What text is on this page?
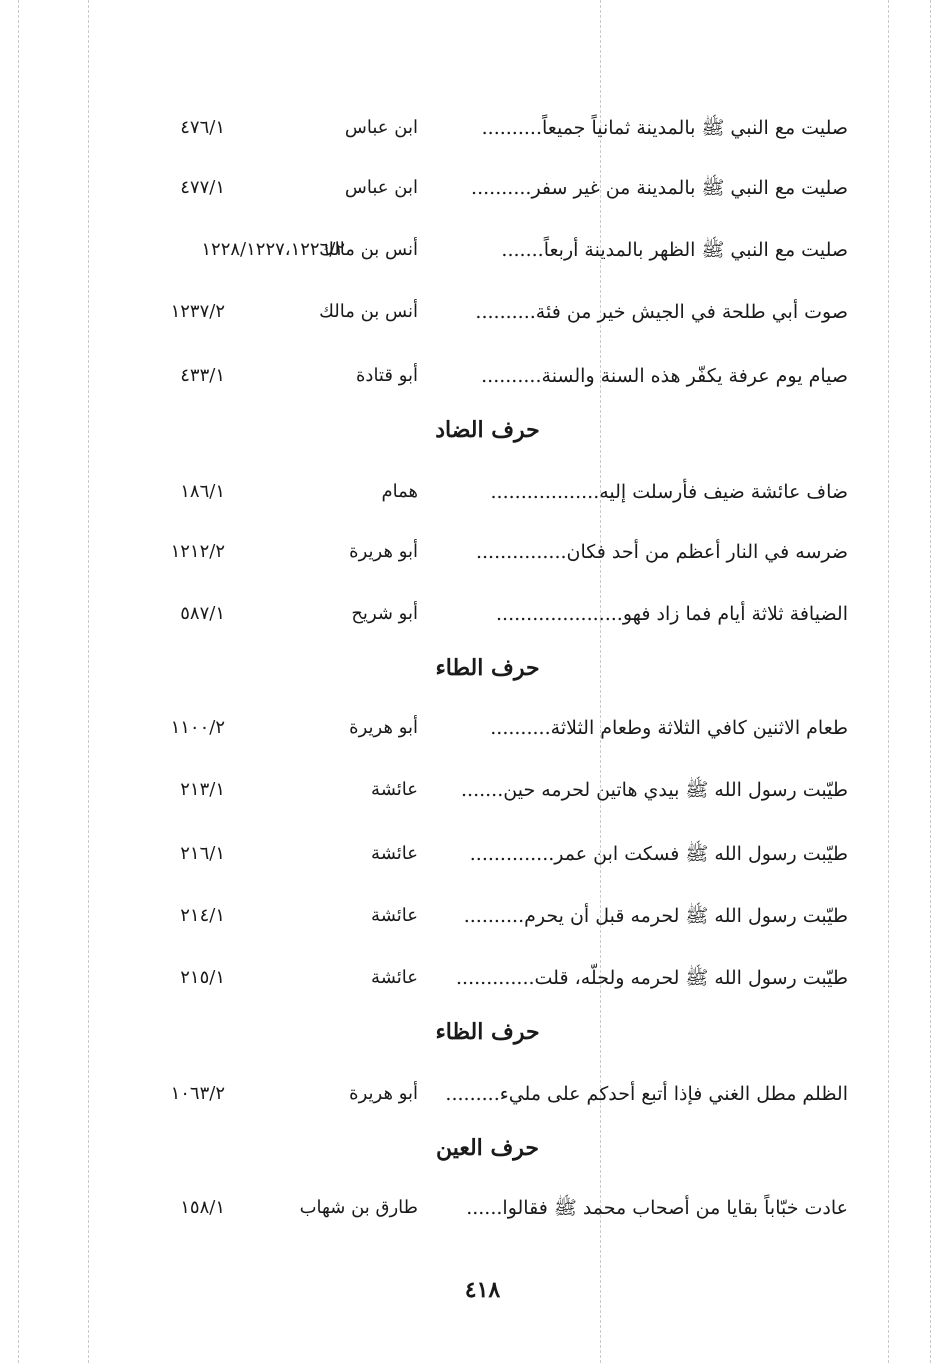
صليت مع النبي ﷺ بالمدينة ثمانياً جميعاً..........
ابن عباس
٤٧٦/١
صليت مع النبي ﷺ بالمدينة من غير سفر..........
ابن عباس
٤٧٧/١
صليت مع النبي ﷺ الظهر بالمدينة أربعاً.......
أنس بن مالك
١٢٢٨/١٢٢٧،١٢٢٦/٢
صوت أبي طلحة في الجيش خير من فئة..........
أنس بن مالك
١٢٣٧/٢
صيام يوم عرفة يكفّر هذه السنة والسنة..........
أبو قتادة
٤٣٣/١
حرف الضاد
ضاف عائشة ضيف فأرسلت إليه..................
همام
١٨٦/١
ضرسه في النار أعظم من أحد فكان...............
أبو هريرة
١٢١٢/٢
الضيافة ثلاثة أيام فما زاد فهو.....................
أبو شريح
٥٨٧/١
حرف الطاء
طعام الاثنين كافي الثلاثة وطعام الثلاثة..........
أبو هريرة
١١٠٠/٢
طيّبت رسول الله ﷺ بيدي هاتين لحرمه حين.......
عائشة
٢١٣/١
طيّبت رسول الله ﷺ فسكت ابن عمر..............
عائشة
٢١٦/١
طيّبت رسول الله ﷺ لحرمه قبل أن يحرم..........
عائشة
٢١٤/١
طيّبت رسول الله ﷺ لحرمه ولحلّه، قلت.............
عائشة
٢١٥/١
حرف الظاء
الظلم مطل الغني فإذا أتبع أحدكم على مليء.........
أبو هريرة
١٠٦٣/٢
حرف العين
عادت خبّاباً بقايا من أصحاب محمد ﷺ فقالوا......
طارق بن شهاب
١٥٨/١
٤١٨
